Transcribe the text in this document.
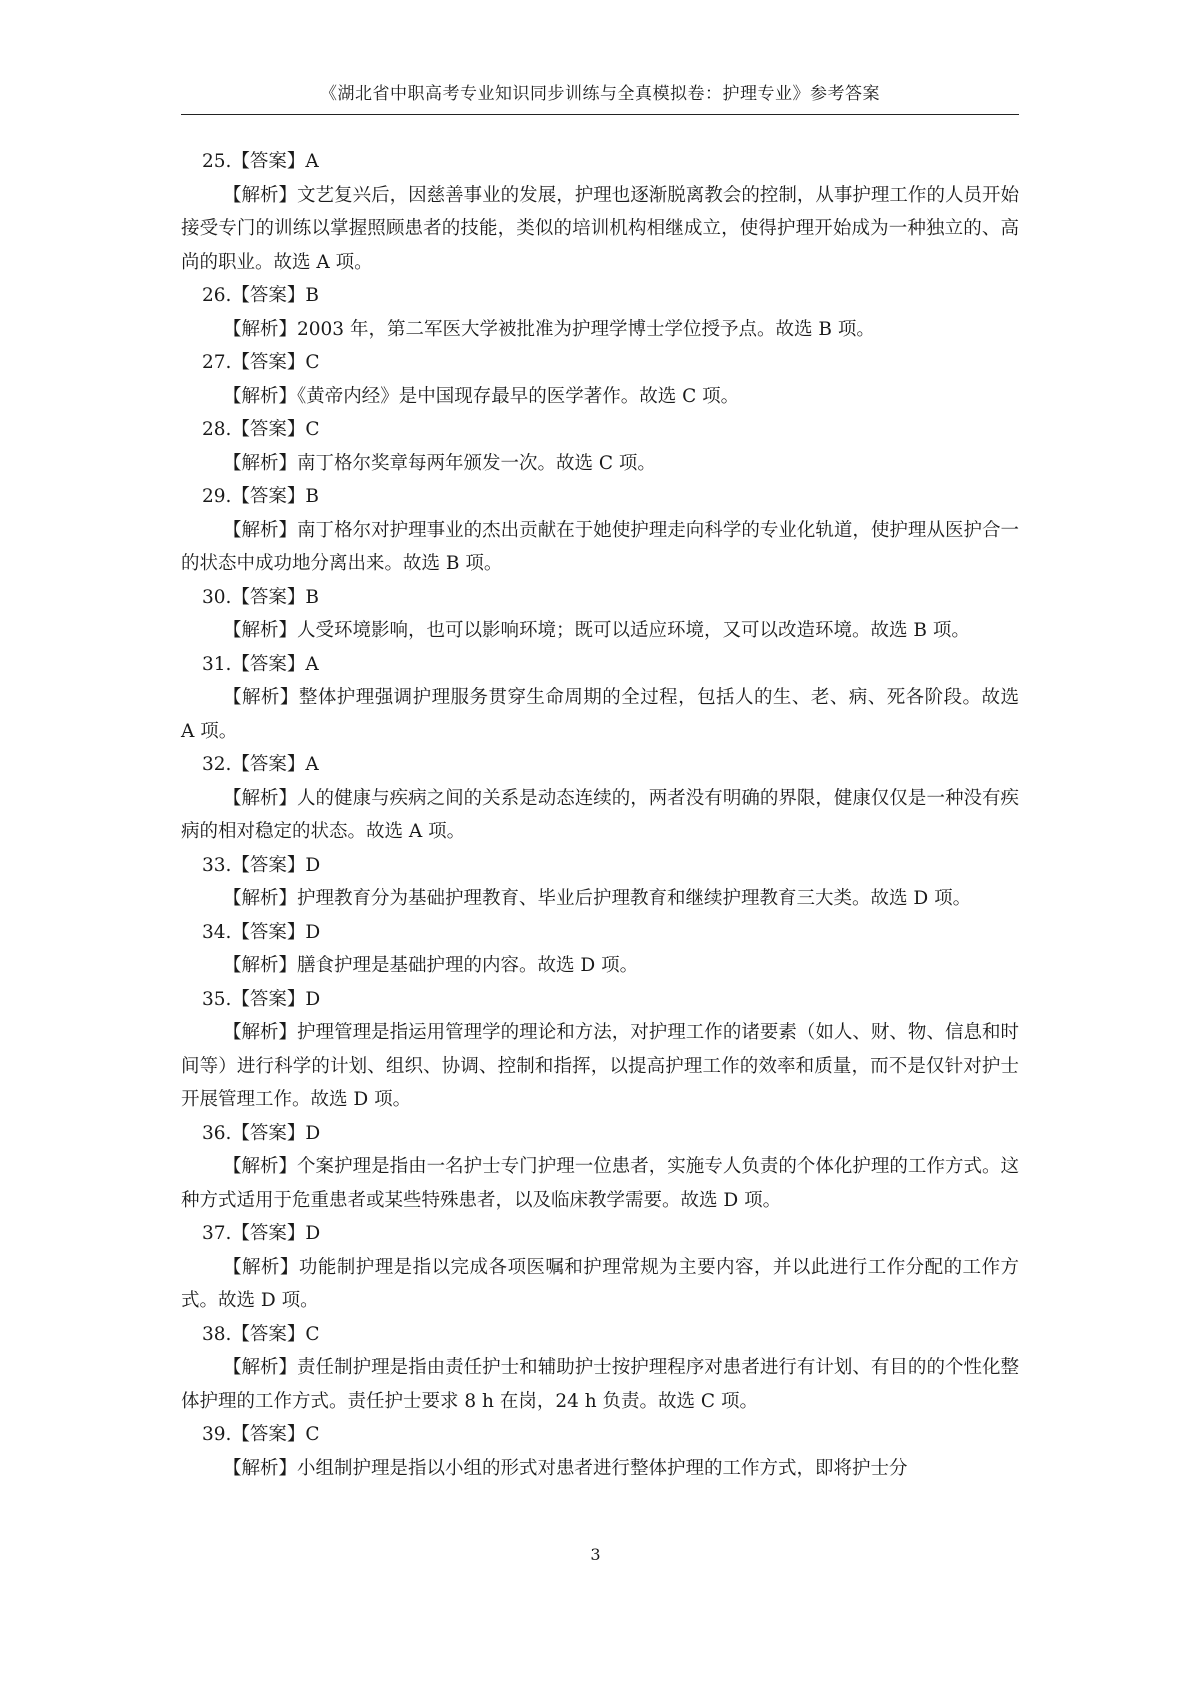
《湖北省中职高考专业知识同步训练与全真模拟卷：护理专业》参考答案

25.【答案】A

【解析】文艺复兴后，因慈善事业的发展，护理也逐渐脱离教会的控制，从事护理工作的人员开始接受专门的训练以掌握照顾患者的技能，类似的培训机构相继成立，使得护理开始成为一种独立的、高尚的职业。故选 A 项。

26.【答案】B

【解析】2003 年，第二军医大学被批准为护理学博士学位授予点。故选 B 项。

27.【答案】C

【解析】《黄帝内经》是中国现存最早的医学著作。故选 C 项。

28.【答案】C

【解析】南丁格尔奖章每两年颁发一次。故选 C 项。

29.【答案】B

【解析】南丁格尔对护理事业的杰出贡献在于她使护理走向科学的专业化轨道，使护理从医护合一的状态中成功地分离出来。故选 B 项。

30.【答案】B

【解析】人受环境影响，也可以影响环境；既可以适应环境，又可以改造环境。故选 B 项。

31.【答案】A

【解析】整体护理强调护理服务贯穿生命周期的全过程，包括人的生、老、病、死各阶段。故选 A 项。

32.【答案】A

【解析】人的健康与疾病之间的关系是动态连续的，两者没有明确的界限，健康仅仅是一种没有疾病的相对稳定的状态。故选 A 项。

33.【答案】D

【解析】护理教育分为基础护理教育、毕业后护理教育和继续护理教育三大类。故选 D 项。

34.【答案】D

【解析】膳食护理是基础护理的内容。故选 D 项。

35.【答案】D

【解析】护理管理是指运用管理学的理论和方法，对护理工作的诸要素（如人、财、物、信息和时间等）进行科学的计划、组织、协调、控制和指挥，以提高护理工作的效率和质量，而不是仅针对护士开展管理工作。故选 D 项。

36.【答案】D

【解析】个案护理是指由一名护士专门护理一位患者，实施专人负责的个体化护理的工作方式。这种方式适用于危重患者或某些特殊患者，以及临床教学需要。故选 D 项。

37.【答案】D

【解析】功能制护理是指以完成各项医嘱和护理常规为主要内容，并以此进行工作分配的工作方式。故选 D 项。

38.【答案】C

【解析】责任制护理是指由责任护士和辅助护士按护理程序对患者进行有计划、有目的的个性化整体护理的工作方式。责任护士要求 8 h 在岗，24 h 负责。故选 C 项。

39.【答案】C

【解析】小组制护理是指以小组的形式对患者进行整体护理的工作方式，即将护士分

3
